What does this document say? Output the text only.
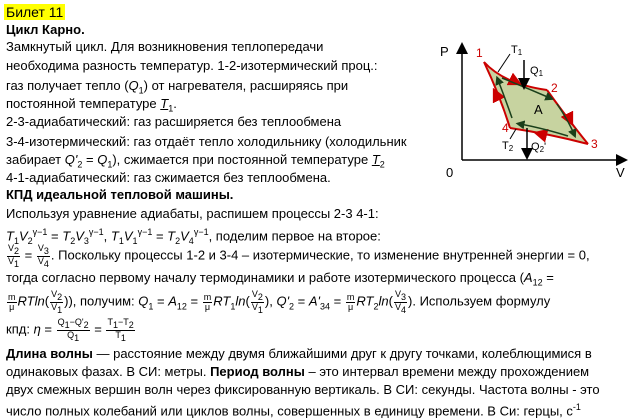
Билет 11
Цикл Карно.
Замкнутый цикл. Для возникновения теплопередачи
необходима разность температур. 1-2-изотермический проц.:
газ получает тепло $(Q_1)$ от нагревателя, расширяясь при
постоянной температуре $T_1$.
2-3-адиабатический: газ расширяется без теплообмена
3-4-изотермический: газ отдаёт тепло холодильнику (холодильник
забирает $Q'_2 = Q_1$), сжимается при постоянной температуре $T_2$
4-1-адиабатический: газ сжимается без теплообмена.
КПД идеальной тепловой машины.
Используя уравнение адиабаты, распишем процессы 2-3 4-1:
$T_1V_2^{\gamma-1} = T_2V_3^{\gamma-1}$, $T_1V_1^{\gamma-1} = T_2V_4^{\gamma-1}$, поделим первое на второе:
$\frac{V_2}{V_1} = \frac{V_3}{V_4}$ . Поскольку процессы 1-2 и 3-4 – изотермические, то изменение внутренней энергии = 0,
тогда согласно первому началу термодинамики и работе изотермического процесса ($A_{12}$ =
$\frac{m}{\mu} RTln( \frac{V_2}{V_1}$ )), получим: $Q_1 = A_{12} = \frac{m}{\mu} RT_1\ln( \frac{V_2}{V_1}$ ), $Q'_2 = A'_{34} = \frac{m}{\mu} RT_2\ln( \frac{V_3}{V_4}$ ). Используем формулу
кпд: $\eta = \frac{Q_1-Q'_2}{Q_1} = \frac{T_1-T_2}{T_1}$
Длина волны — расстояние между двумя ближайшими друг к другу точками, колеблющимися в
одинаковых фазах. В СИ: метры. Период волны – это интервал времени между прохождением
двух смежных вершин волн через фиксированную вертикаль. В СИ: секунды. Частота волны - это
число полных колебаний или циклов волны, совершенных в единицу времени. В Си: герцы, $c^{-1}$
P
V
0
T1
T2
Q1
Q2'
A
1
2
3
4
